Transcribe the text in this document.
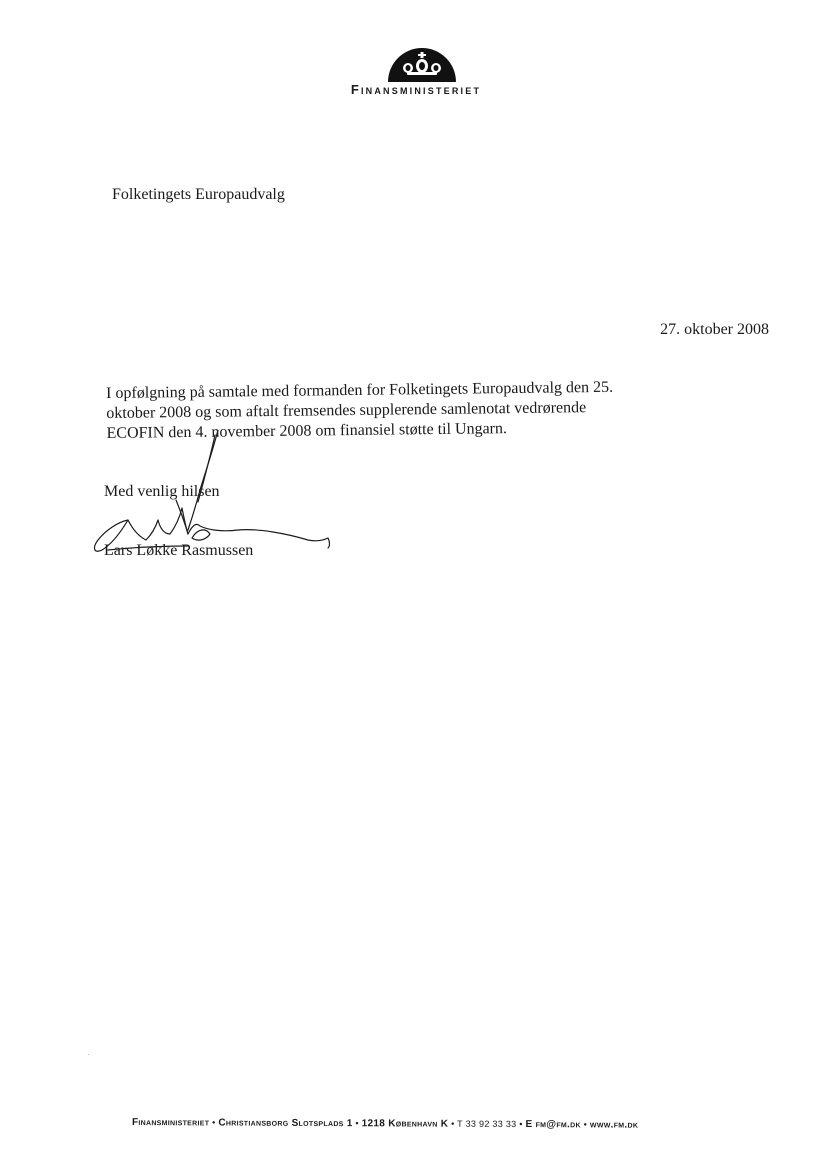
Finansministeriet
Folketingets Europaudvalg
27. oktober 2008
I opfølgning på samtale med formanden for Folketingets Europaudvalg den 25.
oktober 2008 og som aftalt fremsendes supplerende samlenotat vedrørende
ECOFIN den 4. november 2008 om finansiel støtte til Ungarn.
Med venlig hilsen
Lars Løkke Rasmussen
Finansministeriet • Christiansborg Slotsplads 1 • 1218 København K • T 33 92 33 33 • E fm@fm.dk • www.fm.dk
